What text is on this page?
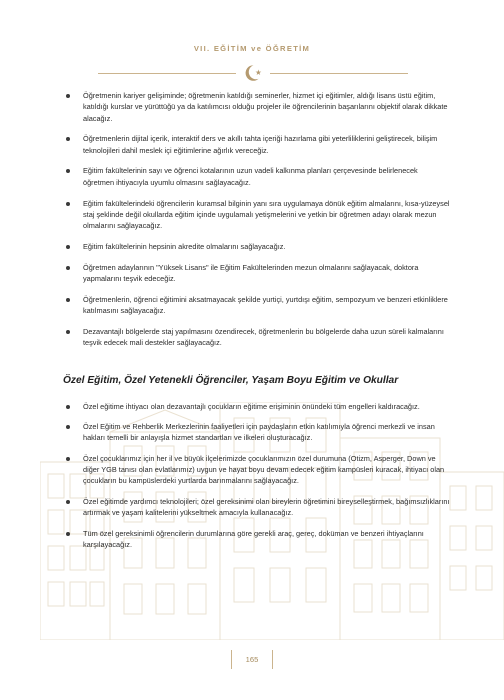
VII. EĞİTİM ve ÖĞRETİM
Öğretmenin kariyer gelişiminde; öğretmenin katıldığı seminerler, hizmet içi eğitimler, aldığı lisans üstü eğitim, katıldığı kurslar ve yürüttüğü ya da katılımcısı olduğu projeler ile öğrencilerinin başarılarını objektif olarak dikkate alacağız.
Öğretmenlerin dijital içerik, interaktif ders ve akıllı tahta içeriği hazırlama gibi yeterliliklerini geliştirecek, bilişim teknolojileri dahil meslek içi eğitimlerine ağırlık vereceğiz.
Eğitim fakültelerinin sayı ve öğrenci kotalarının uzun vadeli kalkınma planları çerçevesinde belirlenecek öğretmen ihtiyacıyla uyumlu olmasını sağlayacağız.
Eğitim fakültelerindeki öğrencilerin kuramsal bilginin yanı sıra uygulamaya dönük eğitim almalarını, kısa-yüzeysel staj şeklinde değil okullarda eğitim içinde uygulamalı yetişmelerini ve yetkin bir öğretmen adayı olarak mezun olmalarını sağlayacağız.
Eğitim fakültelerinin hepsinin akredite olmalarını sağlayacağız.
Öğretmen adaylarının "Yüksek Lisans" ile Eğitim Fakültelerinden mezun olmalarını sağlayacak, doktora yapmalarını teşvik edeceğiz.
Öğretmenlerin, öğrenci eğitimini aksatmayacak şekilde yurtiçi, yurtdışı eğitim, sempozyum ve benzeri etkinliklere katılmasını sağlayacağız.
Dezavantajlı bölgelerde staj yapılmasını özendirecek, öğretmenlerin bu bölgelerde daha uzun süreli kalmalarını teşvik edecek mali destekler sağlayacağız.
Özel Eğitim, Özel Yetenekli Öğrenciler, Yaşam Boyu Eğitim ve Okullar
Özel eğitime ihtiyacı olan dezavantajlı çocukların eğitime erişiminin önündeki tüm engelleri kaldıracağız.
Özel Eğitim ve Rehberlik Merkezlerinin faaliyetleri için paydaşların etkin katılımıyla öğrenci merkezli ve insan hakları temelli bir anlayışla hizmet standartları ve ilkeleri oluşturacağız.
Özel çocuklarımız için her il ve büyük ilçelerimizde çocuklarımızın özel durumuna (Otizm, Asperger, Down ve diğer YGB tanısı olan evlatlarımız) uygun ve hayat boyu devam edecek eğitim kampüsleri kuracak, ihtiyacı olan çocukların bu kampüslerdeki yurtlarda barınmalarını sağlayacağız.
Özel eğitimde yardımcı teknolojileri; özel gereksinimi olan bireylerin öğretimini bireyselleştirmek, bağımsızlıklarını artırmak ve yaşam kalitelerini yükseltmek amacıyla kullanacağız.
Tüm özel gereksinimli öğrencilerin durumlarına göre gerekli araç, gereç, doküman ve benzeri ihtiyaçlarını karşılayacağız.
165
